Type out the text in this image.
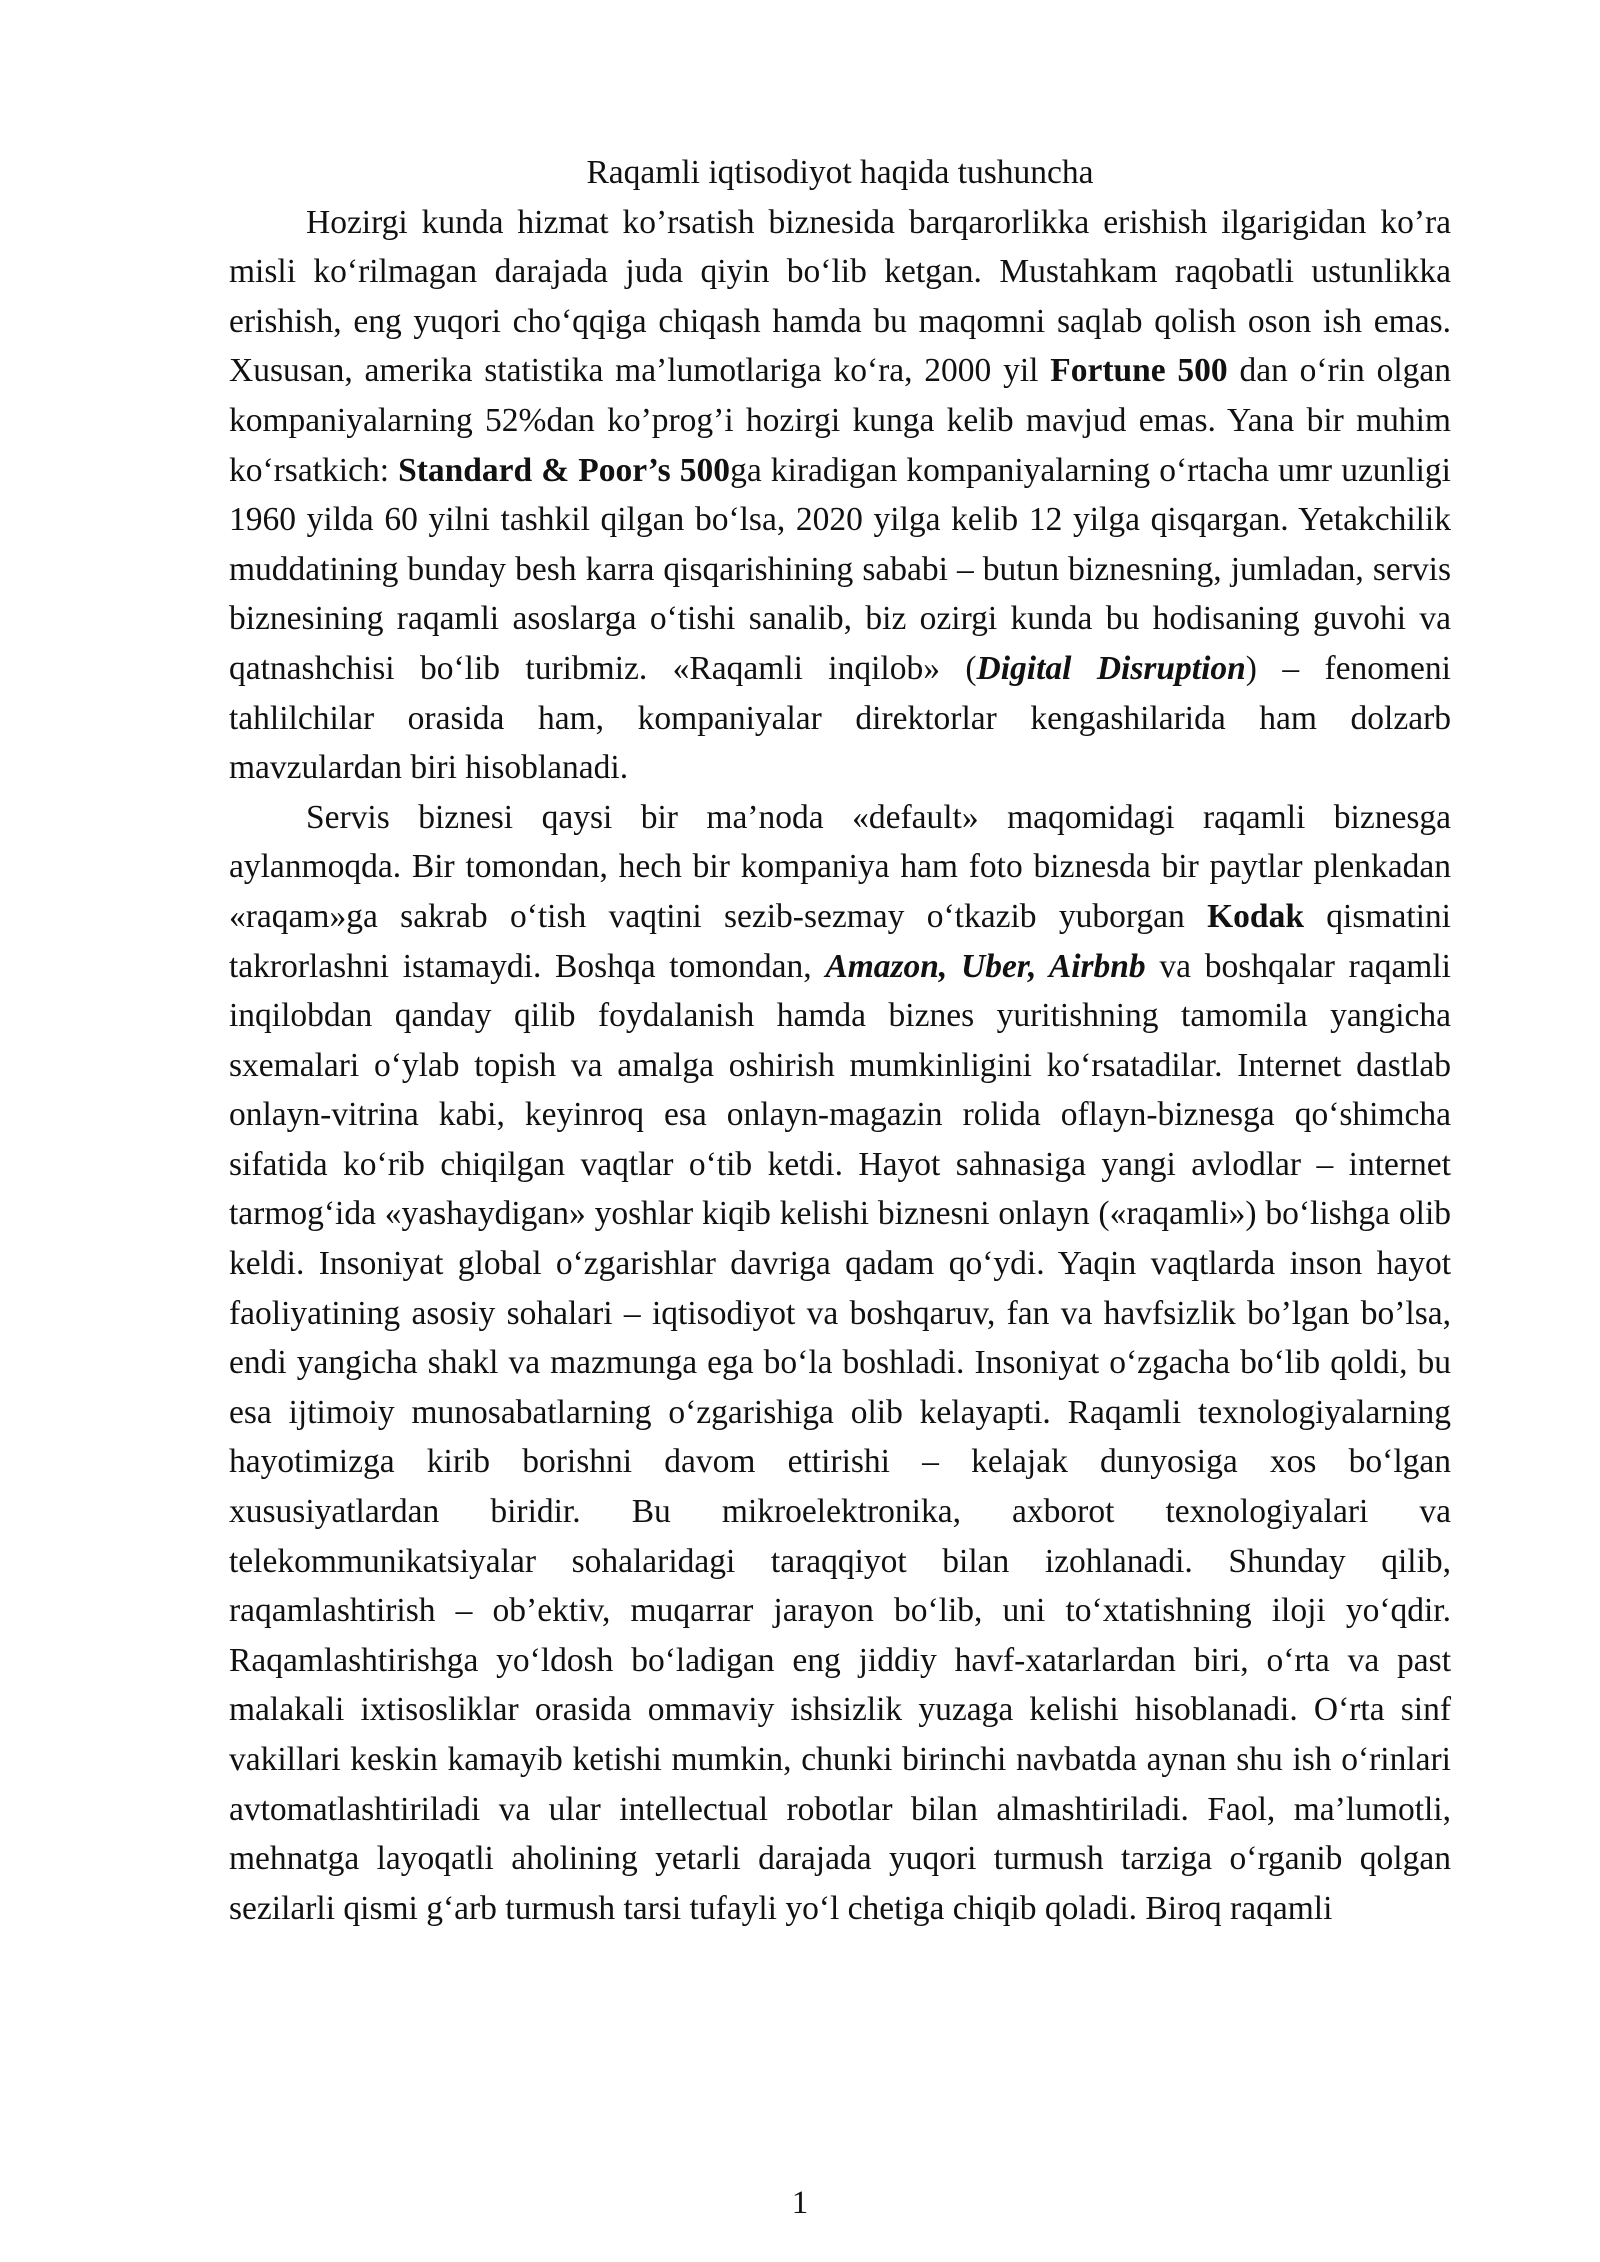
Raqamli iqtisodiyot haqida tushuncha

Hozirgi kunda hizmat ko’rsatish biznesida barqarorlikka erishish ilgarigidan ko’ra misli ko‘rilmagan darajada juda qiyin bo‘lib ketgan. Mustahkam raqobatli ustunlikka erishish, eng yuqori cho‘qqiga chiqash hamda bu maqomni saqlab qolish oson ish emas. Xususan, amerika statistika ma’lumotlariga ko‘ra, 2000 yil Fortune 500 dan o‘rin olgan kompaniyalarning 52%dan ko’prog’i hozirgi kunga kelib mavjud emas. Yana bir muhim ko‘rsatkich: Standard & Poor’s 500ga kiradigan kompaniyalarning o‘rtacha umr uzunligi 1960 yilda 60 yilni tashkil qilgan bo‘lsa, 2020 yilga kelib 12 yilga qisqargan. Yetakchilik muddatining bunday besh karra qisqarishining sababi – butun biznesning, jumladan, servis biznesining raqamli asoslarga o‘tishi sanalib, biz ozirgi kunda bu hodisaning guvohi va qatnashchisi bo‘lib turibmiz. «Raqamli inqilob» (Digital Disruption) – fenomeni tahlilchilar orasida ham, kompaniyalar direktorlar kengashilarida ham dolzarb mavzulardan biri hisoblanadi.

Servis biznesi qaysi bir ma’noda «default» maqomidagi raqamli biznesga aylanmoqda. Bir tomondan, hech bir kompaniya ham foto biznesda bir paytlar plenkadan «raqam»ga sakrab o‘tish vaqtini sezib-sezmay o‘tkazib yuborgan Kodak qismatini takrorlashni istamaydi. Boshqa tomondan, Amazon, Uber, Airbnb va boshqalar raqamli inqilobdan qanday qilib foydalanish hamda biznes yuritishning tamomila yangicha sxemalari o‘ylab topish va amalga oshirish mumkinligini ko‘rsatadilar. Internet dastlab onlayn-vitrina kabi, keyinroq esa onlayn-magazin rolida oflayn-biznesga qo‘shimcha sifatida ko‘rib chiqilgan vaqtlar o‘tib ketdi. Hayot sahnasiga yangi avlodlar – internet tarmog‘ida «yashaydigan» yoshlar kiqib kelishi biznesni onlayn («raqamli») bo‘lishga olib keldi. Insoniyat global o‘zgarishlar davriga qadam qo‘ydi. Yaqin vaqtlarda inson hayot faoliyatining asosiy sohalari – iqtisodiyot va boshqaruv, fan va havfsizlik bo’lgan bo’lsa, endi yangicha shakl va mazmunga ega bo‘la boshladi. Insoniyat o‘zgacha bo‘lib qoldi, bu esa ijtimoiy munosabatlarning o‘zgarishiga olib kelayapti. Raqamli texnologiyalarning hayotimizga kirib borishni davom ettirishi – kelajak dunyosiga xos bo‘lgan xususiyatlardan biridir. Bu mikroelektronika, axborot texnologiyalari va telekommunikatsiyalar sohalaridagi taraqqiyot bilan izohlanadi. Shunday qilib, raqamlashtirish – ob’ektiv, muqarrar jarayon bo‘lib, uni to‘xtatishning iloji yo‘qdir. Raqamlashtirishga yo‘ldosh bo‘ladigan eng jiddiy havf-xatarlardan biri, o‘rta va past malakali ixtisosliklar orasida ommaviy ishsizlik yuzaga kelishi hisoblanadi. O‘rta sinf vakillari keskin kamayib ketishi mumkin, chunki birinchi navbatda aynan shu ish o‘rinlari avtomatlashtiriladi va ular intellectual robotlar bilan almashtiriladi. Faol, ma’lumotli, mehnatga layoqatli aholining yetarli darajada yuqori turmush tarziga o‘rganib qolgan sezilarli qismi g‘arb turmush tarsi tufayli yo‘l chetiga chiqib qoladi. Biroq raqamli

1
